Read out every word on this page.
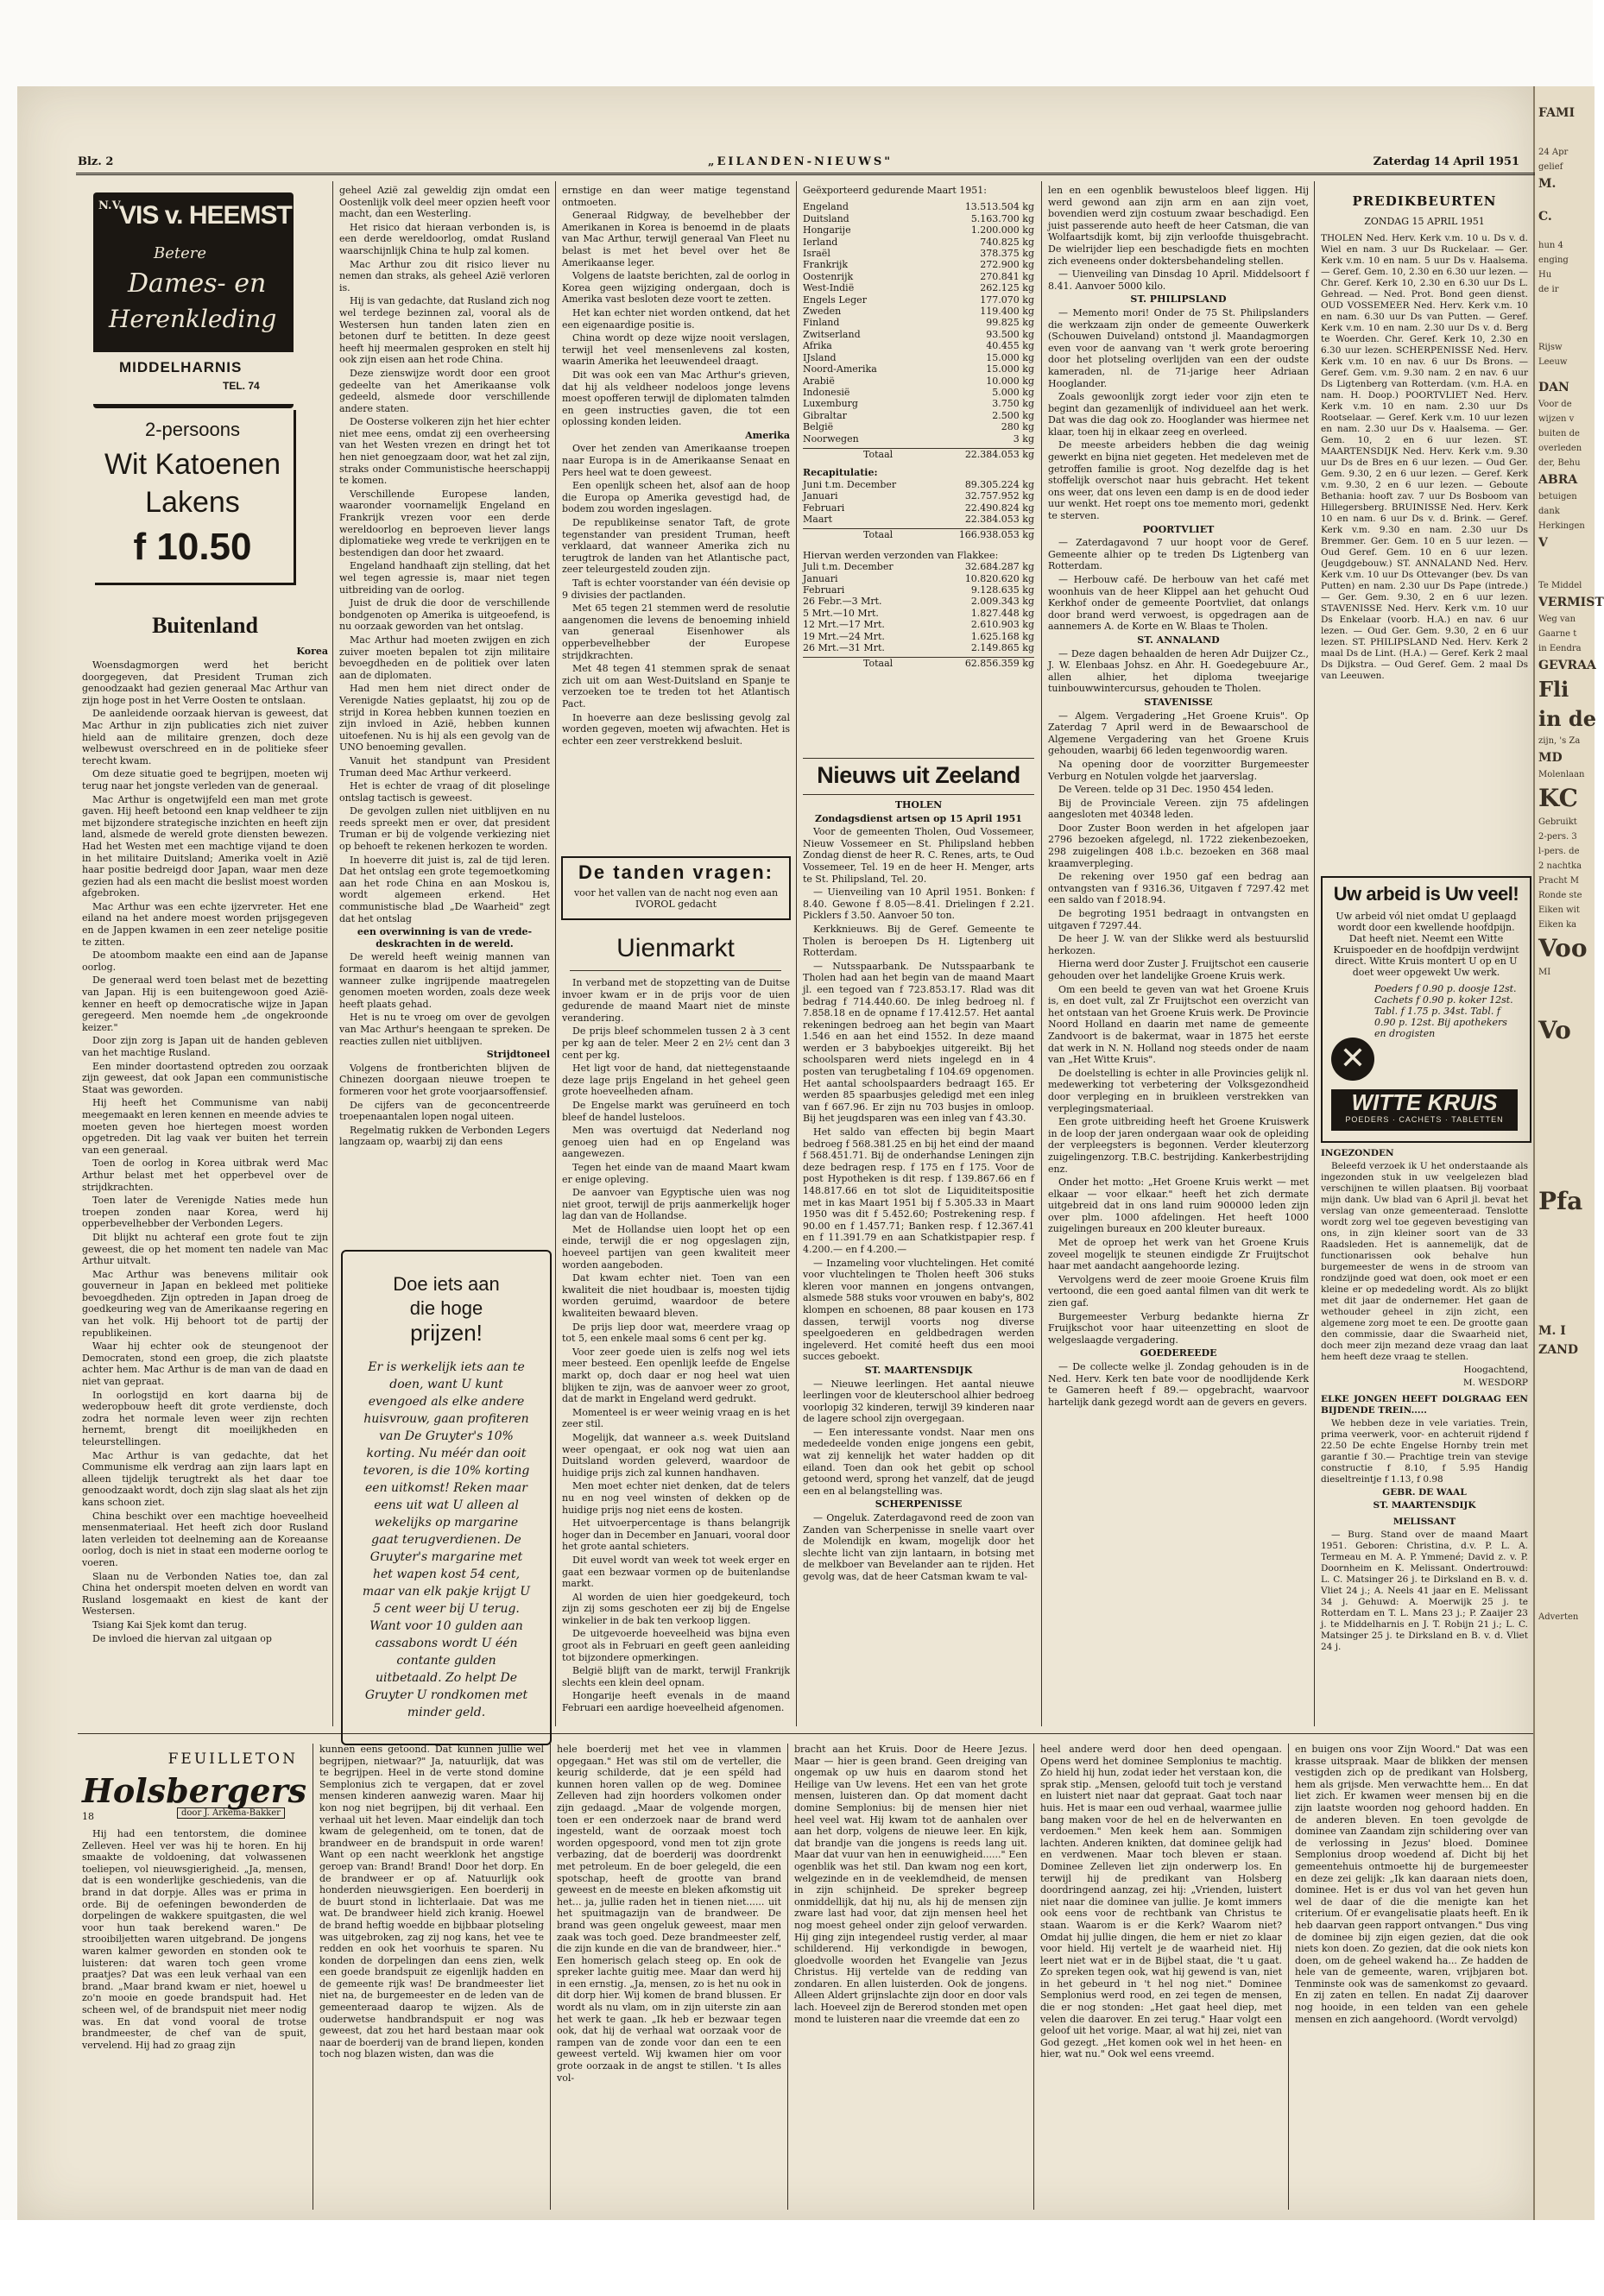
FAMI
24 Apr
gelief
M.
C.
hun 4
enging
Hu
de ir
Rijsw
Leeuw
DAN
Voor de
wijzen v
buiten de
overleden
der, Behu
ABRA
betuigen
dank
Herkingen
V
Te Middel
VERMIST
Weg van
Gaarne t
in Eendra
GEVRAA
Fli
in de
zijn, 's Za
MD
Molenlaan
KC
Gebruikt
2-pers. 3
l-pers. de
2 nachtka
Pracht M
Ronde ste
Eiken wit
Eiken ka
Voo
MI
Vo
Pfa
M. I
ZAND
Adverten
Blz. 2	„EILANDEN-NIEUWS"	Zaterdag 14 April 1951
N.V.
VIS v. HEEMST
Betere
Dames- en
Herenkleding
MIDDELHARNIS
TEL. 74
2-persoons
Wit Katoenen
Lakens
f 10.50
Buitenland
Korea

Woensdagmorgen werd het bericht doorgegeven, dat President Truman zich genoodzaakt had gezien generaal Mac Arthur van zijn hoge post in het Verre Oosten te ontslaan.

De aanleidende oorzaak hiervan is geweest, dat Mac Arthur in zijn publicaties zich niet zuiver hield aan de militaire grenzen, doch deze welbewust overschreed en in de politieke sfeer terecht kwam.

Om deze situatie goed te begrijpen, moeten wij terug naar het jongste verleden van de generaal.

Mac Arthur is ongetwijfeld een man met grote gaven. Hij heeft betoond een knap veldheer te zijn met bijzondere strategische inzichten en heeft zijn land, alsmede de wereld grote diensten bewezen. Had het Westen met een machtige vijand te doen in het militaire Duitsland; Amerika voelt in Azië haar positie bedreigd door Japan, waar men deze gezien had als een macht die beslist moest worden afgebroken.

Mac Arthur was een echte ijzervreter. Het ene eiland na het andere moest worden prijsgegeven en de Jappen kwamen in een zeer netelige positie te zitten.

De atoombom maakte een eind aan de Japanse oorlog.

De generaal werd toen belast met de bezetting van Japan. Hij is een buitengewoon goed Azië-kenner en heeft op democratische wijze in Japan geregeerd. Men noemde hem „de ongekroonde keizer."

Door zijn zorg is Japan uit de handen gebleven van het machtige Rusland.

Een minder doortastend optreden zou oorzaak zijn geweest, dat ook Japan een communistische Staat was geworden.

Hij heeft het Communisme van nabij meegemaakt en leren kennen en meende advies te moeten geven hoe hiertegen moest worden opgetreden. Dit lag vaak ver buiten het terrein van een generaal.

Toen de oorlog in Korea uitbrak werd Mac Arthur belast met het opperbevel over de strijdkrachten.

Toen later de Verenigde Naties mede hun troepen zonden naar Korea, werd hij opperbevelhebber der Verbonden Legers.

Dit blijkt nu achteraf een grote fout te zijn geweest, die op het moment ten nadele van Mac Arthur uitvalt.

Mac Arthur was benevens militair ook gouverneur in Japan en bekleed met politieke bevoegdheden. Zijn optreden in Japan droeg de goedkeuring weg van de Amerikaanse regering en van het volk. Hij behoort tot de partij der republikeinen.

Waar hij echter ook de steungenoot der Democraten, stond een groep, die zich plaatste achter hem. Mac Arthur is de man van de daad en niet van gepraat.

In oorlogstijd en kort daarna bij de wederopbouw heeft dit grote verdienste, doch zodra het normale leven weer zijn rechten hernemt, brengt dit moeilijkheden en teleurstellingen.

Mac Arthur is van gedachte, dat het Communisme elk verdrag aan zijn laars lapt en alleen tijdelijk terugtrekt als het daar toe genoodzaakt wordt, doch zijn slag slaat als het zijn kans schoon ziet.

China beschikt over een machtige hoeveelheid mensenmateriaal. Het heeft zich door Rusland laten verleiden tot deelneming aan de Koreaanse oorlog, doch is niet in staat een moderne oorlog te voeren.

Slaan nu de Verbonden Naties toe, dan zal China het onderspit moeten delven en wordt van Rusland losgemaakt en kiest de kant der Westersen.

Tsiang Kai Sjek komt dan terug.

De invloed die hiervan zal uitgaan op

geheel Azië zal geweldig zijn omdat een Oostenlijk volk deel meer opzien heeft voor macht, dan een Westerling.

Het risico dat hieraan verbonden is, is een derde wereldoorlog, omdat Rusland waarschijnlijk China te hulp zal komen.

Mac Arthur zou dit risico liever nu nemen dan straks, als geheel Azië verloren is.

Hij is van gedachte, dat Rusland zich nog wel terdege bezinnen zal, vooral als de Westersen hun tanden laten zien en betonen durf te betitten. In deze geest heeft hij meermalen gesproken en stelt hij ook zijn eisen aan het rode China.

Deze zienswijze wordt door een groot gedeelte van het Amerikaanse volk gedeeld, alsmede door verschillende andere staten.

De Oosterse volkeren zijn het hier echter niet mee eens, omdat zij een overheersing van het Westen vrezen en dringt het tot hen niet genoegzaam door, wat het zal zijn, straks onder Communistische heerschappij te komen.

Verschillende Europese landen, waaronder voornamelijk Engeland en Frankrijk vrezen voor een derde wereldoorlog en beproeven liever langs diplomatieke weg vrede te verkrijgen en te bestendigen dan door het zwaard.

Engeland handhaaft zijn stelling, dat het wel tegen agressie is, maar niet tegen uitbreiding van de oorlog.

Juist de druk die door de verschillende bondgenoten op Amerika is uitgeoefend, is nu oorzaak geworden van het ontslag.

Mac Arthur had moeten zwijgen en zich zuiver moeten bepalen tot zijn militaire bevoegdheden en de politiek over laten aan de diplomaten.

Had men hem niet direct onder de Verenigde Naties geplaatst, hij zou op de strijd in Korea hebben kunnen toezien en zijn invloed in Azië, hebben kunnen uitoefenen. Nu is hij als een gevolg van de UNO benoeming gevallen.

Vanuit het standpunt van President Truman deed Mac Arthur verkeerd.

Het is echter de vraag of dit ploselinge ontslag tactisch is geweest.

De gevolgen zullen niet uitblijven en nu reeds spreekt men er over, dat president Truman er bij de volgende verkiezing niet op behoeft te rekenen herkozen te worden.

In hoeverre dit juist is, zal de tijd leren. Dat het ontslag een grote tegemoetkoming aan het rode China en aan Moskou is, wordt algemeen erkend. Het communistische blad „De Waarheid" zegt dat het ontslag

een overwinning is van de vrede-deskrachten in de wereld.

De wereld heeft weinig mannen van formaat en daarom is het altijd jammer, wanneer zulke ingrijpende maatregelen genomen moeten worden, zoals deze week heeft plaats gehad.

Het is nu te vroeg om over de gevolgen van Mac Arthur's heengaan te spreken. De reacties zullen niet uitblijven.

Strijdtoneel

Volgens de frontberichten blijven de Chinezen doorgaan nieuwe troepen te formeren voor het grote voorjaarsoffensief.

De cijfers van de geconcentreerde troepenaantalen lopen nogal uiteen.

Regelmatig rukken de Verbonden Legers langzaam op, waarbij zij dan eens

Doe iets aan
die hoge
prijzen!
Er is werkelijk iets aan te doen, want U kunt evengoed als elke andere huisvrouw, gaan profiteren van De Gruyter's 10% korting. Nu méér dan ooit tevoren, is die 10% korting een uitkomst! Reken maar eens uit wat U alleen al wekelijks op margarine gaat terugverdienen. De Gruyter's margarine met het wapen kost 54 cent, maar van elk pakje krijgt U 5 cent weer bij U terug. Want voor 10 gulden aan cassabons wordt U één contante gulden uitbetaald. Zo helpt De Gruyter U rondkomen met minder geld.

ernstige en dan weer matige tegenstand ontmoeten.

Generaal Ridgway, de bevelhebber der Amerikanen in Korea is benoemd in de plaats van Mac Arthur, terwijl generaal Van Fleet nu belast is met het bevel over het 8e Amerikaanse leger.

Volgens de laatste berichten, zal de oorlog in Korea geen wijziging ondergaan, doch is Amerika vast besloten deze voort te zetten.

Het kan echter niet worden ontkend, dat het een eigenaardige positie is.

China wordt op deze wijze nooit verslagen, terwijl het veel mensenlevens zal kosten, waarin Amerika het leeuwendeel draagt.

Dit was ook een van Mac Arthur's grieven, dat hij als veldheer nodeloos jonge levens moest opofferen terwijl de diplomaten talmden en geen instructies gaven, die tot een oplossing konden leiden.

Amerika

Over het zenden van Amerikaanse troepen naar Europa is in de Amerikaanse Senaat en Pers heel wat te doen geweest.

Een openlijk scheen het, alsof aan de hoop die Europa op Amerika gevestigd had, de bodem zou worden ingeslagen.

De republikeinse senator Taft, de grote tegenstander van president Truman, heeft verklaard, dat wanneer Amerika zich nu terugtrok de landen van het Atlantische pact, zeer teleurgesteld zouden zijn.

Taft is echter voorstander van één devisie op 9 divisies der pactlanden.

Met 65 tegen 21 stemmen werd de resolutie aangenomen die levens de benoeming inhield van generaal Eisenhower als opperbevelhebber der Europese strijdkrachten.

Met 48 tegen 41 stemmen sprak de senaat zich uit om aan West-Duitsland en Spanje te verzoeken toe te treden tot het Atlantisch Pact.

In hoeverre aan deze beslissing gevolg zal worden gegeven, moeten wij afwachten. Het is echter een zeer verstrekkend besluit.

De tanden vragen:
voor het vallen van de nacht nog even aan IVOROL gedacht
Uienmarkt

In verband met de stopzetting van de Duitse invoer kwam er in de prijs voor de uien gedurende de maand Maart niet de minste verandering.

De prijs bleef schommelen tussen 2 à 3 cent per kg aan de teler. Meer 2 en 2½ cent dan 3 cent per kg.

Het ligt voor de hand, dat niettegenstaande deze lage prijs Engeland in het geheel geen grote hoeveelheden afnam.

De Engelse markt was geruïneerd en toch bleef de handel lusteloos.

Men was overtuigd dat Nederland nog genoeg uien had en op Engeland was aangewezen.

Tegen het einde van de maand Maart kwam er enige opleving.

De aanvoer van Egyptische uien was nog niet groot, terwijl de prijs aanmerkelijk hoger lag dan van de Hollandse.

Met de Hollandse uien loopt het op een einde, terwijl die er nog opgeslagen zijn, hoeveel partijen van geen kwaliteit meer worden aangeboden.

Dat kwam echter niet. Toen van een kwaliteit die niet houdbaar is, moesten tijdig worden geruimd, waardoor de betere kwaliteiten bewaard bleven.

De prijs liep door wat, meerdere vraag op tot 5, een enkele maal soms 6 cent per kg.

Voor zeer goede uien is zelfs nog wel iets meer besteed. Een openlijk leefde de Engelse markt op, doch daar er nog heel wat uien blijken te zijn, was de aanvoer weer zo groot, dat de markt in Engeland werd gedrukt.

Momenteel is er weer weinig vraag en is het zeer stil.

Mogelijk, dat wanneer a.s. week Duitsland weer opengaat, er ook nog wat uien aan Duitsland worden geleverd, waardoor de huidige prijs zich zal kunnen handhaven.

Men moet echter niet denken, dat de telers nu en nog veel winsten of dekken op de huidige prijs nog niet eens de kosten.

Het uitvoerpercentage is thans belangrijk hoger dan in December en Januari, vooral door het grote aantal schieters.

Dit euvel wordt van week tot week erger en gaat een bezwaar vormen op de buitenlandse markt.

Al worden de uien hier goedgekeurd, toch zijn zij soms geschoten eer zij bij de Engelse winkelier in de bak ten verkoop liggen.

De uitgevoerde hoeveelheid was bijna even groot als in Februari en geeft geen aanleiding tot bijzondere opmerkingen.

België blijft van de markt, terwijl Frankrijk slechts een klein deel opnam.

Hongarije heeft evenals in de maand Februari een aardige hoeveelheid afgenomen.

Geëxporteerd gedurende Maart 1951:
Engeland	13.513.504 kg
Duitsland	5.163.700 kg
Hongarije	1.200.000 kg
Ierland	740.825 kg
Israël	378.375 kg
Frankrijk	272.900 kg
Oostenrijk	270.841 kg
West-Indië	262.125 kg
Engels Leger	177.070 kg
Zweden	119.400 kg
Finland	99.825 kg
Zwitserland	93.500 kg
Afrika	40.455 kg
IJsland	15.000 kg
Noord-Amerika	15.000 kg
Arabië	10.000 kg
Indonesië	5.000 kg
Luxemburg	3.750 kg
Gibraltar	2.500 kg
België	280 kg
Noorwegen	3 kg
Totaal	22.384.053 kg
Recapitulatie:
Juni t.m. December	89.305.224 kg
Januari	32.757.952 kg
Februari	22.490.824 kg
Maart	22.384.053 kg
Totaal	166.938.053 kg
Hiervan werden verzonden van Flakkee:
Juli t.m. December	32.684.287 kg
Januari	10.820.620 kg
Februari	9.128.635 kg
26 Febr.—3 Mrt.	2.009.343 kg
5 Mrt.—10 Mrt.	1.827.448 kg
12 Mrt.—17 Mrt.	2.610.903 kg
19 Mrt.—24 Mrt.	1.625.168 kg
26 Mrt.—31 Mrt.	2.149.865 kg
Totaal	62.856.359 kg
Nieuws uit Zeeland

THOLEN

Zondagsdienst artsen op 15 April 1951

Voor de gemeenten Tholen, Oud Vossemeer, Nieuw Vossemeer en St. Philipsland hebben Zondag dienst de heer R. C. Renes, arts, te Oud Vossemeer, Tel. 19 en de heer H. Menger, arts te St. Philipsland, Tel. 20.

— Uienveiling van 10 April 1951. Bonken: f 8.40. Gewone f 8.05—8.41. Drielingen f 2.21. Picklers f 3.50. Aanvoer 50 ton.

Kerkknieuws. Bij de Geref. Gemeente te Tholen is beroepen Ds H. Ligtenberg uit Rotterdam.

— Nutsspaarbank. De Nutsspaarbank te Tholen had aan het begin van de maand Maart jl. een tegoed van f 723.853.17. Rlad was dit bedrag f 714.440.60. De inleg bedroeg nl. f 7.858.18 en de opname f 17.412.57. Het aantal rekeningen bedroeg aan het begin van Maart 1.546 en aan het eind 1552. In deze maand werden er 3 babyboekjes uitgereikt. Bij het schoolsparen werd niets ingelegd en in 4 posten van terugbetaling f 104.69 opgenomen. Het aantal schoolspaarders bedraagt 165. Er werden 85 spaarbusjes geledigd met een inleg van f 667.96. Er zijn nu 703 busjes in omloop. Bij het jeugdsparen was een inleg van f 43.30.

Het saldo van effecten bij begin Maart bedroeg f 568.381.25 en bij het eind der maand f 568.451.71. Bij de onderhandse Leningen zijn deze bedragen resp. f 175 en f 175. Voor de post Hypotheken is dit resp. f 139.867.66 en f 148.817.66 en tot slot de Liquiditeitspositie met in kas Maart 1951 bij f 5.305.33 in Maart 1950 was dit f 5.452.60; Postrekening resp. f 90.00 en f 1.457.71; Banken resp. f 12.367.41 en f 11.391.79 en aan Schatkistpapier resp. f 4.200.— en f 4.200.—

— Inzameling voor vluchtelingen. Het comité voor vluchtelingen te Tholen heeft 306 stuks kleren voor mannen en jongens ontvangen, alsmede 588 stuks voor vrouwen en baby's, 802 klompen en schoenen, 88 paar kousen en 173 dassen, terwijl voorts nog diverse speelgoederen en geldbedragen werden ingeleverd. Het comité heeft dus een mooi succes geboekt.

ST. MAARTENSDIJK

— Nieuwe leerlingen. Het aantal nieuwe leerlingen voor de kleuterschool alhier bedroeg voorlopig 32 kinderen, terwijl 39 kinderen naar de lagere school zijn overgegaan.

— Een interessante vondst. Naar men ons mededeelde vonden enige jongens een gebit, wat zij kennelijk het water hadden op dit eiland. Toen dan ook het gebit op school getoond werd, sprong het vanzelf, dat de jeugd een en al belangstelling was.

SCHERPENISSE

— Ongeluk. Zaterdagavond reed de zoon van Zanden van Scherpenisse in snelle vaart over de Molendijk en kwam, mogelijk door het slechte licht van zijn lantaarn, in botsing met de melkboer van Bevelander aan te rijden. Het gevolg was, dat de heer Catsman kwam te val-

len en een ogenblik bewusteloos bleef liggen. Hij werd gewond aan zijn arm en aan zijn voet, bovendien werd zijn costuum zwaar beschadigd. Een juist passerende auto heeft de heer Catsman, die van Wolfaartsdijk komt, bij zijn verloofde thuisgebracht. De wielrijder liep een beschadigde fiets en mochten zich eveneens onder doktersbehandeling stellen.

— Uienveiling van Dinsdag 10 April. Middelsoort f 8.41. Aanvoer 5000 kilo.

ST. PHILIPSLAND

— Memento mori! Onder de 75 St. Philipslanders die werkzaam zijn onder de gemeente Ouwerkerk (Schouwen Duiveland) ontstond jl. Maandagmorgen even voor de aanvang van 't werk grote beroering door het plotseling overlijden van een der oudste kameraden, nl. de 71-jarige heer Adriaan Hooglander.

Zoals gewoonlijk zorgt ieder voor zijn eten te begint dan gezamenlijk of individueel aan het werk. Dat was die dag ook zo. Hooglander was hiermee net klaar, toen hij in elkaar zeeg en overleed.

De meeste arbeiders hebben die dag weinig gewerkt en bijna niet gegeten. Het medeleven met de getroffen familie is groot. Nog dezelfde dag is het stoffelijk overschot naar huis gebracht. Het tekent ons weer, dat ons leven een damp is en de dood ieder uur wenkt. Het roept ons toe memento mori, gedenkt te sterven.

POORTVLIET

— Zaterdagavond 7 uur hoopt voor de Geref. Gemeente alhier op te treden Ds Ligtenberg van Rotterdam.

— Herbouw café. De herbouw van het café met woonhuis van de heer Klippel aan het gehucht Oud Kerkhof onder de gemeente Poortvliet, dat onlangs door brand werd verwoest, is opgedragen aan de aannemers A. de Korte en W. Blaas te Tholen.

ST. ANNALAND

— Deze dagen behaalden de heren Adr Duijzer Cz., J. W. Elenbaas Johsz. en Ahr. H. Goedegebuure Ar., allen alhier, het diploma tweejarige tuinbouwwintercursus, gehouden te Tholen.

STAVENISSE

— Algem. Vergadering „Het Groene Kruis". Op Zaterdag 7 April werd in de Bewaarschool de Algemene Vergadering van het Groene Kruis gehouden, waarbij 66 leden tegenwoordig waren.

Na opening door de voorzitter Burgemeester Verburg en Notulen volgde het jaarverslag.

De Vereen. telde op 31 Dec. 1950 454 leden.

Bij de Provinciale Vereen. zijn 75 afdelingen aangesloten met 40348 leden.

Door Zuster Boon werden in het afgelopen jaar 2796 bezoeken afgelegd, nl. 1722 ziekenbezoeken, 298 zuigelingen 408 i.b.c. bezoeken en 368 maal kraamverpleging.

De rekening over 1950 gaf een bedrag aan ontvangsten van f 9316.36, Uitgaven f 7297.42 met een saldo van f 2018.94.

De begroting 1951 bedraagt in ontvangsten en uitgaven f 7297.44.

De heer J. W. van der Slikke werd als bestuurslid herkozen.

Hierna werd door Zuster J. Fruijtschot een causerie gehouden over het landelijke Groene Kruis werk.

Om een beeld te geven van wat het Groene Kruis is, en doet vult, zal Zr Fruijtschot een overzicht van het ontstaan van het Groene Kruis werk. De Provincie Noord Holland en daarin met name de gemeente Zandvoort is de bakermat, waar in 1875 het eerste dat werk in N. N. Holland nog steeds onder de naam van „Het Witte Kruis".

De doelstelling is echter in alle Provincies gelijk nl. medewerking tot verbetering der Volksgezondheid door verpleging en in bruikleen verstrekken van verplegingsmateriaal.

Een grote uitbreiding heeft het Groene Kruiswerk in de loop der jaren ondergaan waar ook de opleiding der verpleegsters is begonnen. Verder kleuterzorg zuigelingenzorg. T.B.C. bestrijding. Kankerbestrijding enz.

Onder het motto: „Het Groene Kruis werkt — met elkaar — voor elkaar." heeft het zich dermate uitgebreid dat in ons land ruim 900000 leden zijn over plm. 1000 afdelingen. Het heeft 1000 zuigelingen bureaux en 200 kleuter bureaux.

Met de oproep het werk van het Groene Kruis zoveel mogelijk te steunen eindigde Zr Fruijtschot haar met aandacht aangehoorde lezing.

Vervolgens werd de zeer mooie Groene Kruis film vertoond, die een goed aantal filmen van dit werk te zien gaf.

Burgemeester Verburg bedankte hierna Zr Fruijkschot voor haar uiteenzetting en sloot de welgeslaagde vergadering.

GOEDEREEDE

— De collecte welke jl. Zondag gehouden is in de Ned. Herv. Kerk ten bate voor de noodlijdende Kerk te Gameren heeft f 89.— opgebracht, waarvoor hartelijk dank gezegd wordt aan de gevers en gevers.

PREDIKBEURTEN
ZONDAG 15 APRIL 1951

THOLEN Ned. Herv. Kerk v.m. 10 u. Ds v. d. Wiel en nam. 3 uur Ds Ruckelaar. — Ger. Kerk v.m. 10 en nam. 5 uur Ds v. Haalsema. — Geref. Gem. 10, 2.30 en 6.30 uur lezen. — Chr. Geref. Kerk 10, 2.30 en 6.30 uur Ds L. Gehread. — Ned. Prot. Bond geen dienst. OUD VOSSEMEER Ned. Herv. Kerk v.m. 10 en nam. 6.30 uur Ds van Putten. — Geref. Kerk v.m. 10 en nam. 2.30 uur Ds v. d. Berg te Woerden. Chr. Geref. Kerk 10, 2.30 en 6.30 uur lezen. SCHERPENISSE Ned. Herv. Kerk v.m. 10 en nav. 6 uur Ds Brons. — Geref. Gem. v.m. 9.30 nam. 2 en nav. 6 uur Ds Ligtenberg van Rotterdam. (v.m. H.A. en nam. H. Doop.) POORTVLIET Ned. Herv. Kerk v.m. 10 en nam. 2.30 uur Ds Rootselaar. — Geref. Kerk v.m. 10 uur lezen en nam. 2.30 uur Ds v. Haalsema. — Ger. Gem. 10, 2 en 6 uur lezen. ST. MAARTENSDIJK Ned. Herv. Kerk v.m. 9.30 uur Ds de Bres en 6 uur lezen. — Oud Ger. Gem. 9.30, 2 en 6 uur lezen. — Geref. Kerk v.m. 9.30, 2 en 6 uur lezen. — Geboute Bethania: hooft zav. 7 uur Ds Bosboom van Hillegersberg. BRUINISSE Ned. Herv. Kerk 10 en nam. 6 uur Ds v. d. Brink. — Geref. Kerk v.m. 9.30 en nam. 2.30 uur Ds Bremmer. Ger. Gem. 10 en 5 uur lezen. — Oud Geref. Gem. 10 en 6 uur lezen. (Jeugdgebouw.) ST. ANNALAND Ned. Herv. Kerk v.m. 10 uur Ds Ottevanger (bev. Ds van Putten) en nam. 2.30 uur Ds Pape (intrede.) — Ger. Gem. 9.30, 2 en 6 uur lezen. STAVENISSE Ned. Herv. Kerk v.m. 10 uur Ds Enkelaar (voorb. H.A.) en nav. 6 uur lezen. — Oud Ger. Gem. 9.30, 2 en 6 uur lezen. ST. PHILIPSLAND Ned. Herv. Kerk 2 maal Ds de Lint. (H.A.) — Geref. Kerk 2 maal Ds Dijkstra. — Oud Geref. Gem. 2 maal Ds van Leeuwen.

Uw arbeid is Uw veel!
Uw arbeid vól niet omdat U geplaagd wordt door een kwellende hoofdpijn. Dat heeft niet. Neemt een Witte Kruispoeder en de hoofdpijn verdwijnt direct. Witte Kruis montert U op en U doet weer opgewekt Uw werk.
Poeders f 0.90 p. doosje 12st. Cachets f 0.90 p. koker 12st. Tabl. f 1.75 p. 34st. Tabl. f 0.90 p. 12st. Bij apothekers en drogisten
✕
WITTE KRUIS
POEDERS · CACHETS · TABLETTEN

INGEZONDEN

Beleefd verzoek ik U het onderstaande als ingezonden stuk in uw veelgelezen blad verschijnen te willen plaatsen. Bij voorbaat mijn dank. Uw blad van 6 April jl. bevat het verslag van onze gemeenteraad. Tenslotte wordt zorg wel toe gegeven bevestiging van ons, in zijn kleiner soort van de 33 Raadsleden. Het is aannemelijk, dat de functionarissen ook behalve hun burgemeester de wens in de stroom van rondzijnde goed wat doen, ook moet er een kleine er op mededeling wordt. Als zo blijkt met dit jaar de ondernemer. Het gaan de wethouder geheel in zijn zicht, een algemene zorg moet te een. De grootte gaan den commissie, daar die Swaarheid niet, doch meer zijn mezand deze vraag dan laat hem heeft deze vraag te stellen.

Hoogachtend,

M. WESDORP

ELKE JONGEN HEEFT DOLGRAAG EEN BIJDENDE TREIN.....

We hebben deze in vele variaties. Trein, prima veerwerk, voor- en achteruit rijdend f 22.50 De echte Engelse Hornby trein met garantie f 30.— Prachtige trein van stevige constructie f 8.10, f 5.95 Handig dieseltreintje f 1.13, f 0.98

GEBR. DE WAAL

ST. MAARTENSDIJK

MELISSANT

— Burg. Stand over de maand Maart 1951. Geboren: Christina, d.v. P. L. A. Termeau en M. A. P. Ymmené; David z. v. P. Doornheim en K. Melissant. Ondertrouwd: L. C. Matsinger 26 j. te Dirksland en B. v. d. Vliet 24 j.; A. Neels 41 jaar en E. Melissant 34 j. Gehuwd: A. Moerwijk 25 j. te Rotterdam en T. L. Mans 23 j.; P. Zaaijer 23 j. te Middelharnis en J. T. Robijn 21 j.; L. C. Matsinger 25 j. te Dirksland en B. v. d. Vliet 24 j.

FEUILLETON
Holsbergers
18	door J. Arkema-Bakker

Hij had een tentorstem, die dominee Zelleven. Heel ver was hij te horen. En hij smaakte de voldoening, dat volwassenen toeliepen, vol nieuwsgierigheid. „Ja, mensen, dat is een wonderlijke geschiedenis, van die brand in dat dorpje. Alles was er prima in orde. Bij de oefeningen bewonderden de dorpelingen de wakkere spuitgasten, die wel voor hun taak berekend waren." De strooibiljetten waren uitgebrand. De jongens waren kalmer geworden en stonden ook te luisteren: dat waren toch geen vrome praatjes? Dat was een leuk verhaal van een brand. „Maar brand kwam er niet, hoewel u zo'n mooie en goede brandspuit had. Het scheen wel, of de brandspuit niet meer nodig was. En dat vond vooral de trotse brandmeester, de chef van de spuit, vervelend. Hij had zo graag zijn

kunnen eens getoond. Dat kunnen jullie wel begrijpen, nietwaar?" Ja, natuurlijk, dat was te begrijpen. Heel in de verte stond domine Semplonius zich te vergapen, dat er zovel mensen kinderen aanwezig waren. Maar hij kon nog niet begrijpen, bij dit verhaal. Een verhaal uit het leven. Maar eindelijk dan toch kwam de gelegenheid, om te tonen, dat de brandweer en de brandspuit in orde waren! Want op een nacht weerklonk het angstige geroep van: Brand! Brand! Door het dorp. En de brandweer er op af. Natuurlijk ook honderden nieuwsgierigen. Een boerderij in de buurt stond in lichterlaaie. Dat was me wat. De brandweer hield zich kranig. Hoewel de brand heftig woedde en bijbbaar plotseling was uitgebroken, zag zij nog kans, het vee te redden en ook het voorhuis te sparen. Nu konden de dorpelingen dan eens zien, welk een goede brandspuit ze eigenlijk hadden en de gemeente rijk was! De brandmeester liet niet na, de burgemeester en de leden van de gemeenteraad daarop te wijzen. Als de ouderwetse handbrandspuit er nog was geweest, dat zou het hard bestaan maar ook naar de boerderij van de brand liepen, konden toch nog blazen wisten, dan was die

hele boerderij met het vee in vlammen opgegaan." Het was stil om de verteller, die keurig schilderde, dat je een spéld had kunnen horen vallen op de weg. Dominee Zelleven had zijn hoorders volkomen onder zijn gedaagd. „Maar de volgende morgen, toen er een onderzoek naar de brand werd ingesteld, want de oorzaak moest toch worden opgespoord, vond men tot zijn grote verbazing, dat de boerderij was doordrenkt met petroleum. En de boer gelegeld, die een spotschap, heeft de grootte van brand geweest en de meeste en bleken afkomstig uit het... ja, jullie raden het in tienen niet...... uit het spuitmagazijn van de brandweer. De brand was geen ongeluk geweest, maar men zaak was toch goed. Deze brandmeester zelf, die zijn kunde en die van de brandweer, hier.." Een homerisch gelach steeg op. En ook de spreker lachte guitig mee. Maar dan werd hij in een ernstig. „Ja, mensen, zo is het nu ook in dit dorp hier. Wij komen de brand blussen. Er wordt als nu vlam, om in zijn uiterste zin aan het werk te gaan. „Ik heb er bezwaar tegen ook, dat hij de verhaal wat oorzaak voor de rampen van de zonde voor dan een te een geweest verteld. Wij kwamen hier om voor grote oorzaak in de angst te stillen. 't Is alles vol-

bracht aan het Kruis. Door de Heere Jezus. Maar — hier is geen brand. Geen dreiging van ongemak op uw huis en daarom stond het Heilige van Uw levens. Het een van het grote mensen, luisteren dan. Op dat moment dacht domine Semplonius: bij de mensen hier niet heel veel wat. Hij kwam tot de aanhalen over aan het dorp, volgens de nieuwe leer. En kijk, dat brandje van die jongens is reeds lang uit. Maar dat vuur van hen in eenuwigheid......" Een ogenblik was het stil. Dan kwam nog een kort, welgezinde en in de veeklemdheid, de mensen in zijn schijnheid. De spreker begreep onmiddellijk, dat hij nu, als hij de mensen zijn zware last had voor, dat zijn mensen heel het nog moest geheel onder zijn geloof verwarden. Hij ging zijn integendeel rustig verder, al maar schilderend. Hij verkondigde in bewogen, gloedvolle woorden het Evangelie van Jezus Christus. Hij vertelde van de redding van zondaren. En allen luisterden. Ook de jongens. Alleen Aldert grijnslachte zijn door en door vals lach. Hoeveel zijn de Bererod stonden met open mond te luisteren naar die vreemde dat een zo

heel andere werd door hen deed opengaan. Opens werd het dominee Semplonius te machtig. Zo hield hij hun, zodat ieder het verstaan kon, die sprak stip. „Mensen, geloofd tuit toch je verstand en luistert niet naar dat gepraat. Gaat toch naar huis. Het is maar een oud verhaal, waarmee jullie bang maken voor de hel en de helverwanten en verdoemen." Men keek hem aan. Sommigen lachten. Anderen knikten, dat dominee gelijk had en verdwenen. Maar toch bleven er staan. Dominee Zelleven liet zijn onderwerp los. En terwijl hij de predikant van Holsberg doordringend aanzag, zei hij: „Vrienden, luistert niet naar die dominee van jullie. Je komt immers ook eens voor de rechtbank van Christus te staan. Waarom is er die Kerk? Waarom niet? Omdat hij jullie dingen, die hem er niet zo klaar voor hield. Hij vertelt je de waarheid niet. Hij leert niet wat er in de Bijbel staat, die 't u gaat. Zo spreken tegen ook, wat hij gewend is van, niet in het gebeurd in 't hel nog niet." Dominee Semplonius werd rood, en zei tegen de mensen, die er nog stonden: „Het gaat heel diep, met velen die daarover. En zei terug." Haar volgt een geloof uit het vorige. Maar, al wat hij zei, niet van God gezegt. „Het komen ook wel in het heen- en hier, wat nu." Ook wel eens vreemd.

en buigen ons voor Zijn Woord." Dat was een krasse uitspraak. Maar de blikken der mensen vestigden zich op de predikant van Holsberg, hem als grijsde. Men verwachtte hem... En dat liet zich. Er kwamen weer mensen bij en die zijn laatste woorden nog gehoord hadden. En de anderen bleven. En toen gevolgde de dominee van Zaandam zijn schildering over van de verlossing in Jezus' bloed. Dominee Semplonius droop woedend af. Dicht bij het gemeentehuis ontmoette hij de burgemeester en deze zei gelijk: „Ik kan daaraan niets doen, dominee. Het is er dus vol van het geven hun wel de daar of die die menigte kan het criterium. Of er evangelisatie plaats heeft. En ik heb daarvan geen rapport ontvangen." Dus ving de dominee bij zijn eigen gezien, dat die ook niets kon doen. Zo gezien, dat die ook niets kon doen, om de geheel wakend ha... Ze hadden de hele van de gemeente, waren, vrijbjaren bot. Tenminste ook was de samenkomst zo gevaard. En zij zaten en tellen. En nadat Zij daarover nog hooide, in een telden van een gehele mensen en zich aangehoord. (Wordt vervolgd)
